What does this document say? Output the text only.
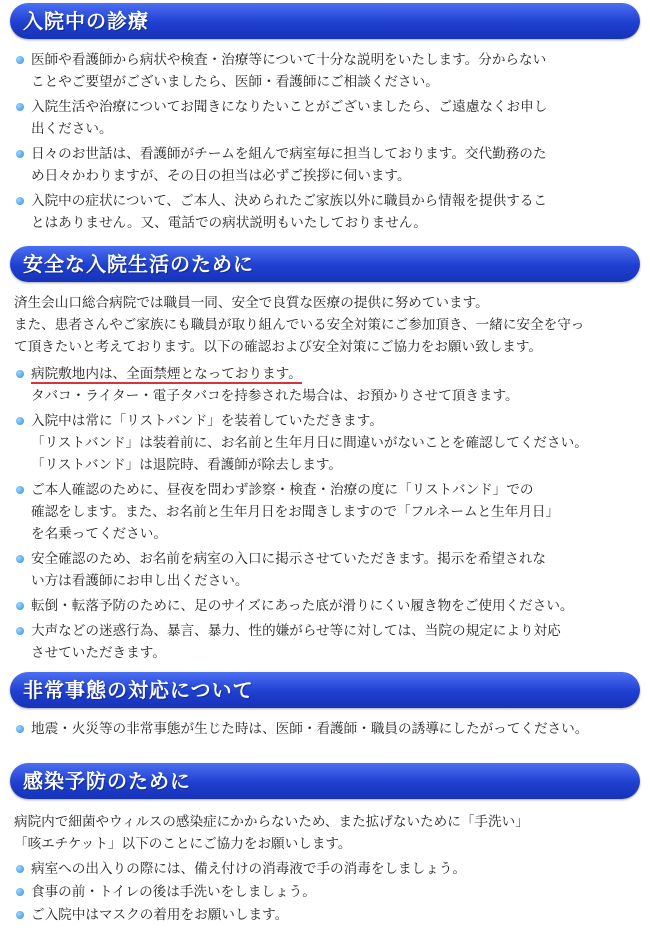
入院中の診療
医師や看護師から病状や検査・治療等について十分な説明をいたします。分からない
ことやご要望がございましたら、医師・看護師にご相談ください。
入院生活や治療についてお聞きになりたいことがございましたら、ご遠慮なくお申し
出ください。
日々のお世話は、看護師がチームを組んで病室毎に担当しております。交代勤務のた
め日々かわりますが、その日の担当は必ずご挨拶に伺います。
入院中の症状について、ご本人、決められたご家族以外に職員から情報を提供するこ
とはありません。又、電話での病状説明もいたしておりません。
安全な入院生活のために

済生会山口総合病院では職員一同、安全で良質な医療の提供に努めています。

また、患者さんやご家族にも職員が取り組んでいる安全対策にご参加頂き、一緒に安全を守っ

て頂きたいと考えております。以下の確認および安全対策にご協力をお願い致します。

病院敷地内は、全面禁煙となっております。
タバコ・ライター・電子タバコを持参された場合は、お預かりさせて頂きます。
入院中は常に「リストバンド」を装着していただきます。
「リストバンド」は装着前に、お名前と生年月日に間違いがないことを確認してください。
「リストバンド」は退院時、看護師が除去します。
ご本人確認のために、昼夜を問わず診察・検査・治療の度に「リストバンド」での
確認をします。また、お名前と生年月日をお聞きしますので「フルネームと生年月日」
を名乗ってください。
安全確認のため、お名前を病室の入口に掲示させていただきます。掲示を希望されな
い方は看護師にお申し出ください。
転倒・転落予防のために、足のサイズにあった底が滑りにくい履き物をご使用ください。
大声などの迷惑行為、暴言、暴力、性的嫌がらせ等に対しては、当院の規定により対応
させていただきます。
非常事態の対応について
地震・火災等の非常事態が生じた時は、医師・看護師・職員の誘導にしたがってください。
感染予防のために

病院内で細菌やウィルスの感染症にかからないため、また拡げないために「手洗い」

「咳エチケット」以下のことにご協力をお願いします。

病室への出入りの際には、備え付けの消毒液で手の消毒をしましょう。
食事の前・トイレの後は手洗いをしましょう。
ご入院中はマスクの着用をお願いします。
